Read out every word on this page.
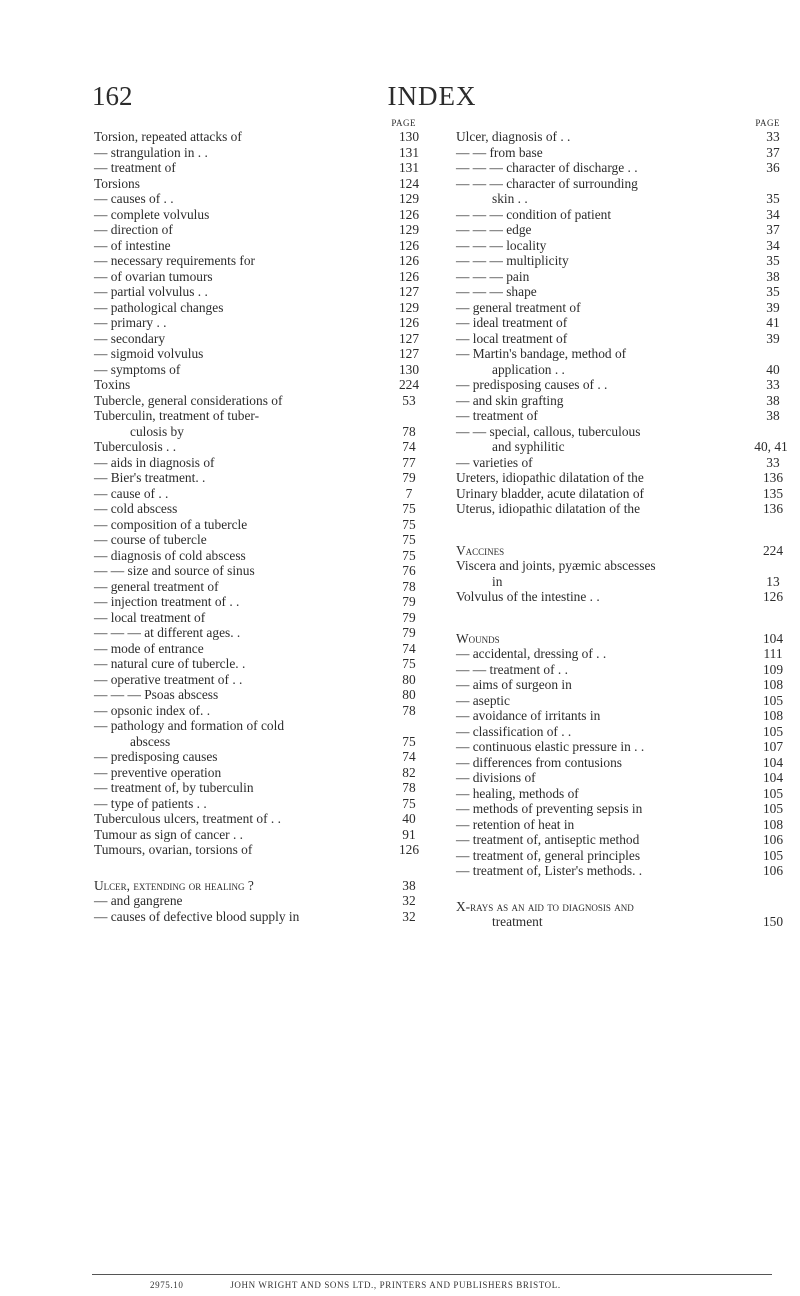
162	INDEX
PAGE
Torsion, repeated attacks of	130
— strangulation in . .	131
— treatment of	131
Torsions	124
— causes of . .	129
— complete volvulus	126
— direction of	129
— of intestine	126
— necessary requirements for	126
— of ovarian tumours	126
— partial volvulus . .	127
— pathological changes	129
— primary . .	126
— secondary	127
— sigmoid volvulus	127
— symptoms of	130
Toxins	224
Tubercle, general considerations of	53
Tuberculin, treatment of tuber-
culosis by	78
Tuberculosis . .	74
— aids in diagnosis of	77
— Bier's treatment. .	79
— cause of . .	7
— cold abscess	75
— composition of a tubercle	75
— course of tubercle	75
— diagnosis of cold abscess	75
— — size and source of sinus	76
— general treatment of	78
— injection treatment of . .	79
— local treatment of	79
— — — at different ages. .	79
— mode of entrance	74
— natural cure of tubercle. .	75
— operative treatment of . .	80
— — — Psoas abscess	80
— opsonic index of. .	78
— pathology and formation of cold
abscess	75
— predisposing causes	74
— preventive operation	82
— treatment of, by tuberculin	78
— type of patients . .	75
Tuberculous ulcers, treatment of . .	40
Tumour as sign of cancer . .	91
Tumours, ovarian, torsions of	126
Ulcer, extending or healing ?	38
— and gangrene	32
— causes of defective blood supply in	32
PAGE
Ulcer, diagnosis of . .	33
— — from base	37
— — — character of discharge . .	36
— — — character of surrounding
skin . .	35
— — — condition of patient	34
— — — edge	37
— — — locality	34
— — — multiplicity	35
— — — pain	38
— — — shape	35
— general treatment of	39
— ideal treatment of	41
— local treatment of	39
— Martin's bandage, method of
application . .	40
— predisposing causes of . .	33
— and skin grafting	38
— treatment of	38
— — special, callous, tuberculous
and syphilitic	40, 41
— varieties of	33
Ureters, idiopathic dilatation of the	136
Urinary bladder, acute dilatation of	135
Uterus, idiopathic dilatation of the	136
Vaccines	224
Viscera and joints, pyæmic abscesses
in	13
Volvulus of the intestine . .	126
Wounds	104
— accidental, dressing of . .	111
— — treatment of . .	109
— aims of surgeon in	108
— aseptic	105
— avoidance of irritants in	108
— classification of . .	105
— continuous elastic pressure in . .	107
— differences from contusions	104
— divisions of	104
— healing, methods of	105
— methods of preventing sepsis in	105
— retention of heat in	108
— treatment of, antiseptic method	106
— treatment of, general principles	105
— treatment of, Lister's methods. .	106
X-rays as an aid to diagnosis and
treatment	150
2975.10	JOHN WRIGHT AND SONS LTD., PRINTERS AND PUBLISHERS BRISTOL.
